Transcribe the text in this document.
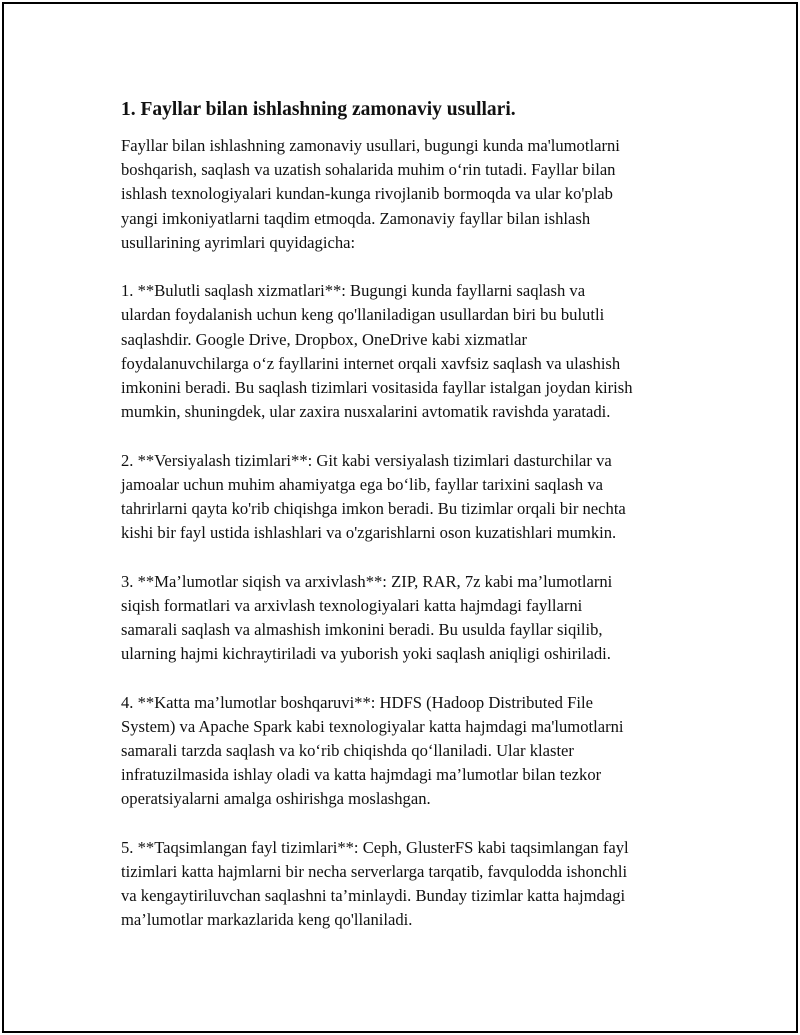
1. Fayllar bilan ishlashning zamonaviy usullari.

Fayllar bilan ishlashning zamonaviy usullari, bugungi kunda ma'lumotlarni
boshqarish, saqlash va uzatish sohalarida muhim o‘rin tutadi. Fayllar bilan
ishlash texnologiyalari kundan-kunga rivojlanib bormoqda va ular ko'plab
yangi imkoniyatlarni taqdim etmoqda. Zamonaviy fayllar bilan ishlash
usullarining ayrimlari quyidagicha:

1. **Bulutli saqlash xizmatlari**: Bugungi kunda fayllarni saqlash va
ulardan foydalanish uchun keng qo'llaniladigan usullardan biri bu bulutli
saqlashdir. Google Drive, Dropbox, OneDrive kabi xizmatlar
foydalanuvchilarga o‘z fayllarini internet orqali xavfsiz saqlash va ulashish
imkonini beradi. Bu saqlash tizimlari vositasida fayllar istalgan joydan kirish
mumkin, shuningdek, ular zaxira nusxalarini avtomatik ravishda yaratadi.

2. **Versiyalash tizimlari**: Git kabi versiyalash tizimlari dasturchilar va
jamoalar uchun muhim ahamiyatga ega bo‘lib, fayllar tarixini saqlash va
tahrirlarni qayta ko'rib chiqishga imkon beradi. Bu tizimlar orqali bir nechta
kishi bir fayl ustida ishlashlari va o'zgarishlarni oson kuzatishlari mumkin.

3. **Ma’lumotlar siqish va arxivlash**: ZIP, RAR, 7z kabi ma’lumotlarni
siqish formatlari va arxivlash texnologiyalari katta hajmdagi fayllarni
samarali saqlash va almashish imkonini beradi. Bu usulda fayllar siqilib,
ularning hajmi kichraytiriladi va yuborish yoki saqlash aniqligi oshiriladi.

4. **Katta ma’lumotlar boshqaruvi**: HDFS (Hadoop Distributed File
System) va Apache Spark kabi texnologiyalar katta hajmdagi ma'lumotlarni
samarali tarzda saqlash va ko‘rib chiqishda qo‘llaniladi. Ular klaster
infratuzilmasida ishlay oladi va katta hajmdagi ma’lumotlar bilan tezkor
operatsiyalarni amalga oshirishga moslashgan.

5. **Taqsimlangan fayl tizimlari**: Ceph, GlusterFS kabi taqsimlangan fayl
tizimlari katta hajmlarni bir necha serverlarga tarqatib, favqulodda ishonchli
va kengaytiriluvchan saqlashni ta’minlaydi. Bunday tizimlar katta hajmdagi
ma’lumotlar markazlarida keng qo'llaniladi.
